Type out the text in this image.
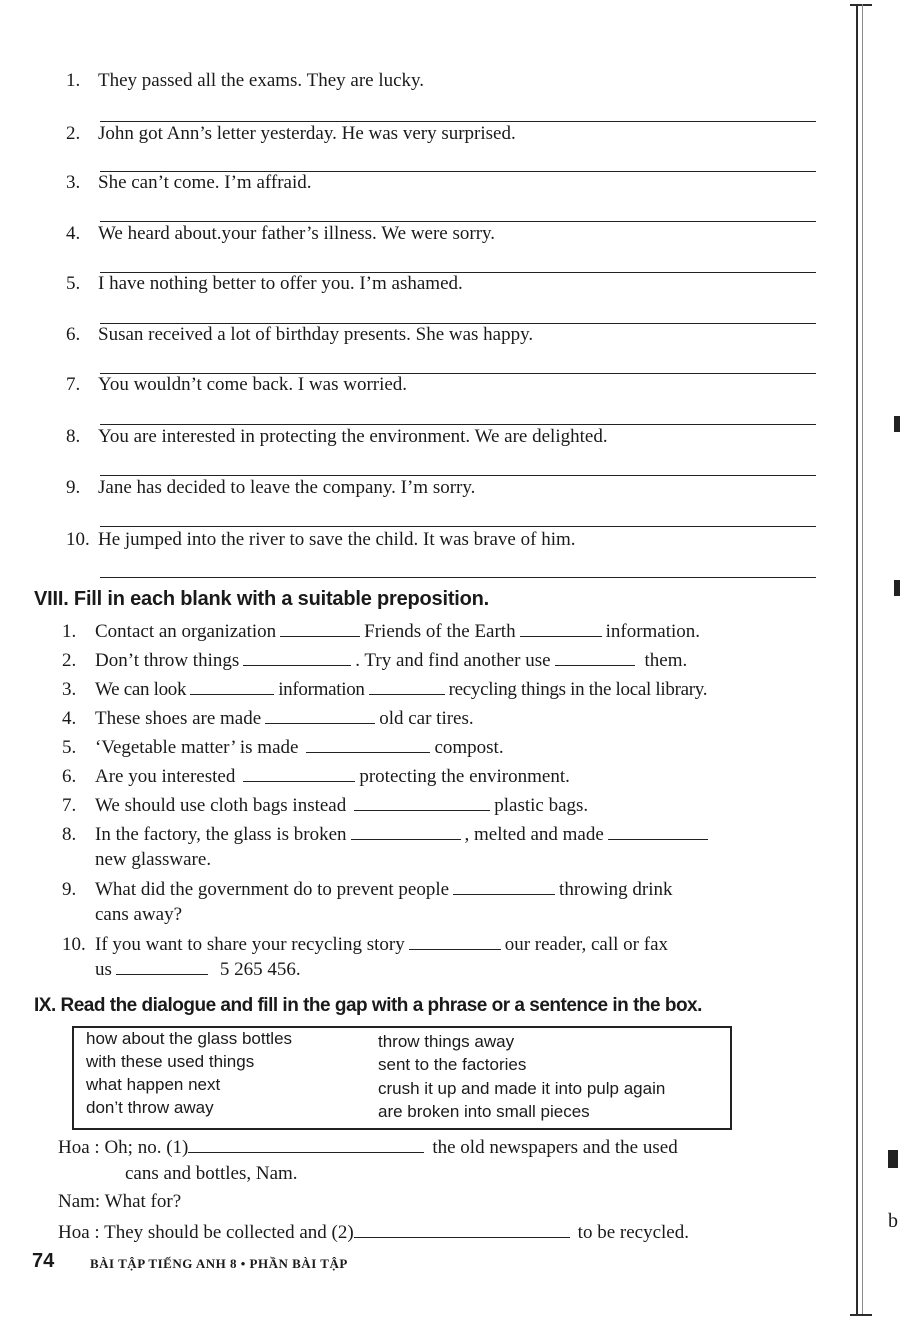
b
1. They passed all the exams. They are lucky.
2. John got Ann’s letter yesterday. He was very surprised.
3. She can’t come. I’m affraid.
4. We heard about.your father’s illness. We were sorry.
5. I have nothing better to offer you. I’m ashamed.
6. Susan received a lot of birthday presents. She was happy.
7. You wouldn’t come back. I was worried.
8. You are interested in protecting the environment. We are delighted.
9. Jane has decided to leave the company. I’m sorry.
10. He jumped into the river to save the child. It was brave of him.
VIII. Fill in each blank with a suitable preposition.
1. Contact an organization	Friends of the Earth	information.
2. Don’t throw things	. Try and find another use	them.
3. We can look	information	recycling things in the local library.
4. These shoes are made	old car tires.
5. ‘Vegetable matter’ is made	compost.
6. Are you interested	protecting the environment.
7. We should use cloth bags instead	plastic bags.
8. In the factory, the glass is broken	, melted and made
new glassware.
9. What did the government do to prevent people	throwing drink
cans away?
10. If you want to share your recycling story	our reader, call or fax
us	5 265 456.
IX. Read the dialogue and fill in the gap with a phrase or a sentence in the box.
how about the glass bottles
with these used things
what happen next
don’t throw away
throw things away
sent to the factories
crush it up and made it into pulp again
are broken into small pieces
Hoa : Oh; no. (1)	the old newspapers and the used
cans and bottles, Nam.
Nam: What for?
Hoa : They should be collected and (2)	to be recycled.
74	BÀI TẬP TIẾNG ANH 8 • PHẦN BÀI TẬP
